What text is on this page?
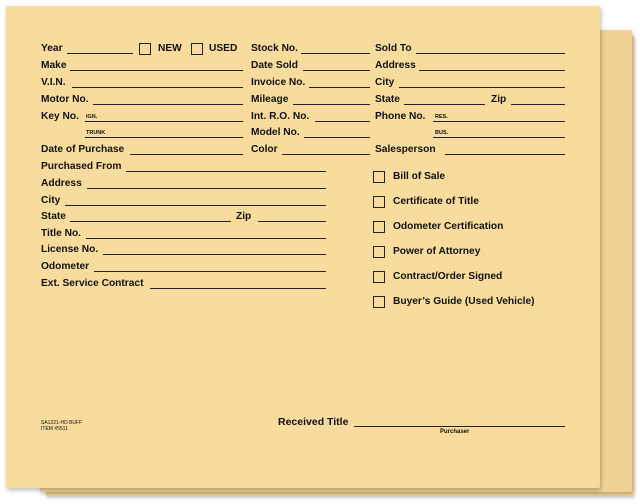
Year	NEW	USED
Make
V.I.N.
Motor No.
Key No. IGN.
TRUNK
Date of Purchase
Purchased From
Address
City
State	Zip
Title No.
License No.
Odometer
Ext. Service Contract
Stock No.
Date Sold
Invoice No.
Mileage
Int. R.O. No.
Model No.
Color
Sold To
Address
City
State	Zip
Phone No. RES.
BUS.
Salesperson
Bill of Sale
Certificate of Title
Odometer Certification
Power of Attorney
Contract/Order Signed
Buyer’s Guide (Used Vehicle)
SA1221-HD BUFF
ITEM #5511
Received Title
Purchaser
